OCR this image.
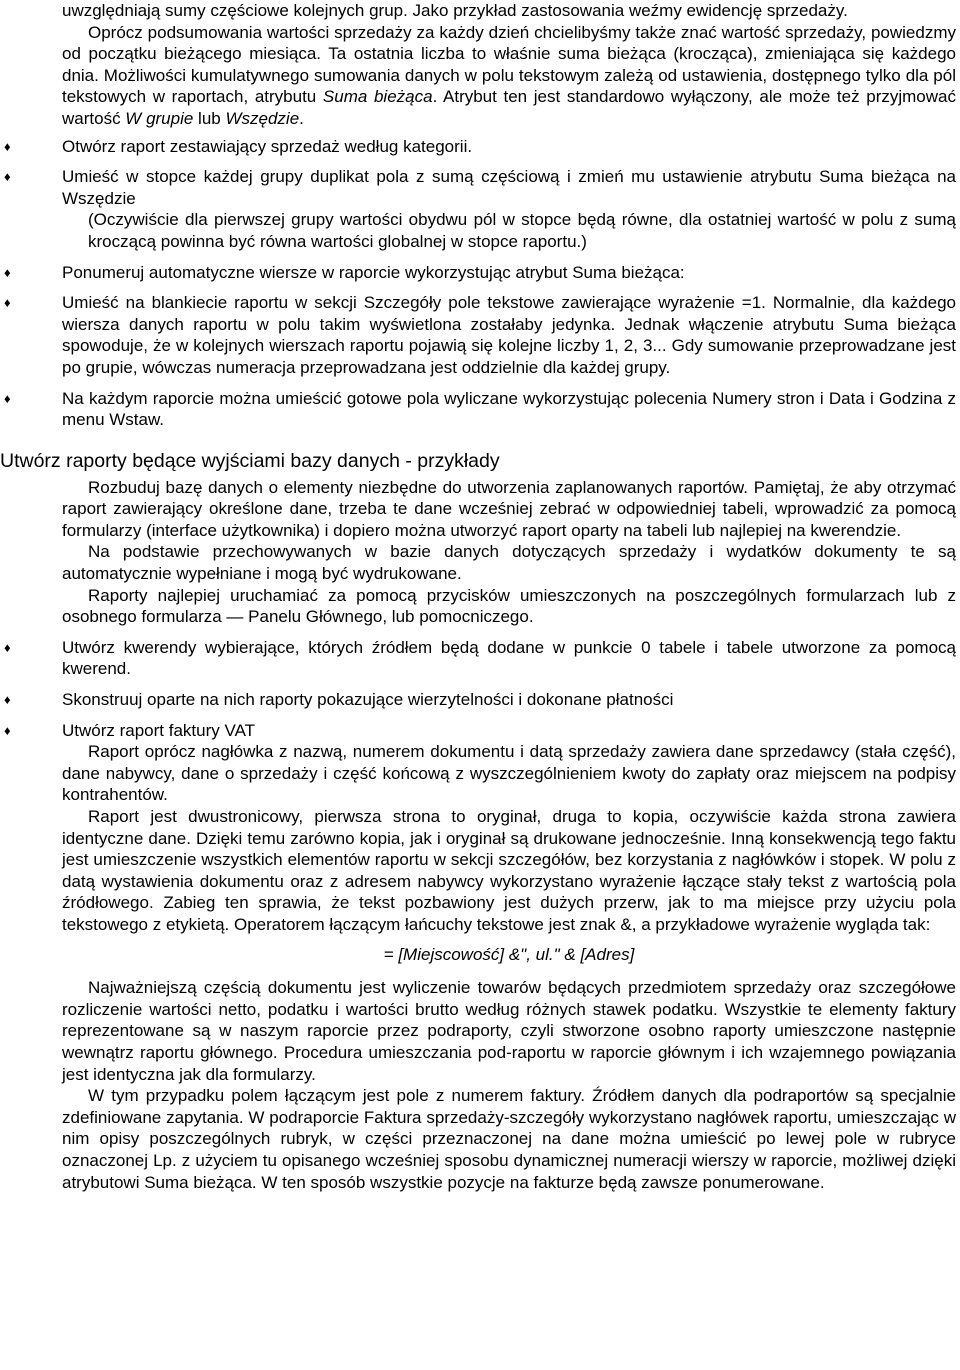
uwzględniają sumy częściowe kolejnych grup. Jako przykład zastosowania weźmy ewidencję sprzedaży.

Oprócz podsumowania wartości sprzedaży za każdy dzień chcielibyśmy także znać wartość sprzedaży, powiedzmy od początku bieżącego miesiąca. Ta ostatnia liczba to właśnie suma bieżąca (krocząca), zmieniająca się każdego dnia. Możliwości kumulatywnego sumowania danych w polu tekstowym zależą od ustawienia, dostępnego tylko dla pól tekstowych w raportach, atrybutu Suma bieżąca. Atrybut ten jest standardowo wyłączony, ale może też przyjmować wartość W grupie lub Wszędzie.

♦ Otwórz raport zestawiający sprzedaż według kategorii.

♦ Umieść w stopce każdej grupy duplikat pola z sumą częściową i zmień mu ustawienie atrybutu Suma bieżąca na Wszędzie

(Oczywiście dla pierwszej grupy wartości obydwu pól w stopce będą równe, dla ostatniej wartość w polu z sumą kroczącą powinna być równa wartości globalnej w stopce raportu.)

♦ Ponumeruj automatyczne wiersze w raporcie wykorzystując atrybut Suma bieżąca:

♦ Umieść na blankiecie raportu w sekcji Szczegóły pole tekstowe zawierające wyrażenie =1. Normalnie, dla każdego wiersza danych raportu w polu takim wyświetlona zostałaby jedynka. Jednak włączenie atrybutu Suma bieżąca spowoduje, że w kolejnych wierszach raportu pojawią się kolejne liczby 1, 2, 3... Gdy sumowanie przeprowadzane jest po grupie, wówczas numeracja przeprowadzana jest oddzielnie dla każdej grupy.

♦ Na każdym raporcie można umieścić gotowe pola wyliczane wykorzystując polecenia Numery stron i Data i Godzina z menu Wstaw.

Utwórz raporty będące wyjściami bazy danych - przykłady

Rozbuduj bazę danych o elementy niezbędne do utworzenia zaplanowanych raportów. Pamiętaj, że aby otrzymać raport zawierający określone dane, trzeba te dane wcześniej zebrać w odpowiedniej tabeli, wprowadzić za pomocą formularzy (interface użytkownika) i dopiero można utworzyć raport oparty na tabeli lub najlepiej na kwerendzie.

Na podstawie przechowywanych w bazie danych dotyczących sprzedaży i wydatków dokumenty te są automatycznie wypełniane i mogą być wydrukowane.

Raporty najlepiej uruchamiać za pomocą przycisków umieszczonych na poszczególnych formularzach lub z osobnego formularza — Panelu Głównego, lub pomocniczego.

♦ Utwórz kwerendy wybierające, których źródłem będą dodane w punkcie 0 tabele i tabele utworzone za pomocą kwerend.

♦ Skonstruuj oparte na nich raporty pokazujące wierzytelności i dokonane płatności

♦ Utwórz raport faktury VAT

Raport oprócz nagłówka z nazwą, numerem dokumentu i datą sprzedaży zawiera dane sprzedawcy (stała część), dane nabywcy, dane o sprzedaży i część końcową z wyszczególnieniem kwoty do zapłaty oraz miejscem na podpisy kontrahentów.

Raport jest dwustronicowy, pierwsza strona to oryginał, druga to kopia, oczywiście każda strona zawiera identyczne dane. Dzięki temu zarówno kopia, jak i oryginał są drukowane jednocześnie. Inną konsekwencją tego faktu jest umieszczenie wszystkich elementów raportu w sekcji szczegółów, bez korzystania z nagłówków i stopek. W polu z datą wystawienia dokumentu oraz z adresem nabywcy wykorzystano wyrażenie łączące stały tekst z wartością pola źródłowego. Zabieg ten sprawia, że tekst pozbawiony jest dużych przerw, jak to ma miejsce przy użyciu pola tekstowego z etykietą. Operatorem łączącym łańcuchy tekstowe jest znak &, a przykładowe wyrażenie wygląda tak:

= [Miejscowość] &", ul." & [Adres]

Najważniejszą częścią dokumentu jest wyliczenie towarów będących przedmiotem sprzedaży oraz szczegółowe rozliczenie wartości netto, podatku i wartości brutto według różnych stawek podatku. Wszystkie te elementy faktury reprezentowane są w naszym raporcie przez podraporty, czyli stworzone osobno raporty umieszczone następnie wewnątrz raportu głównego. Procedura umieszczania pod-raportu w raporcie głównym i ich wzajemnego powiązania jest identyczna jak dla formularzy.

W tym przypadku polem łączącym jest pole z numerem faktury. Źródłem danych dla podraportów są specjalnie zdefiniowane zapytania. W podraporcie Faktura sprzedaży-szczegóły wykorzystano nagłówek raportu, umieszczając w nim opisy poszczególnych rubryk, w części przeznaczonej na dane można umieścić po lewej pole w rubryce oznaczonej Lp. z użyciem tu opisanego wcześniej sposobu dynamicznej numeracji wierszy w raporcie, możliwej dzięki atrybutowi Suma bieżąca. W ten sposób wszystkie pozycje na fakturze będą zawsze ponumerowane.
